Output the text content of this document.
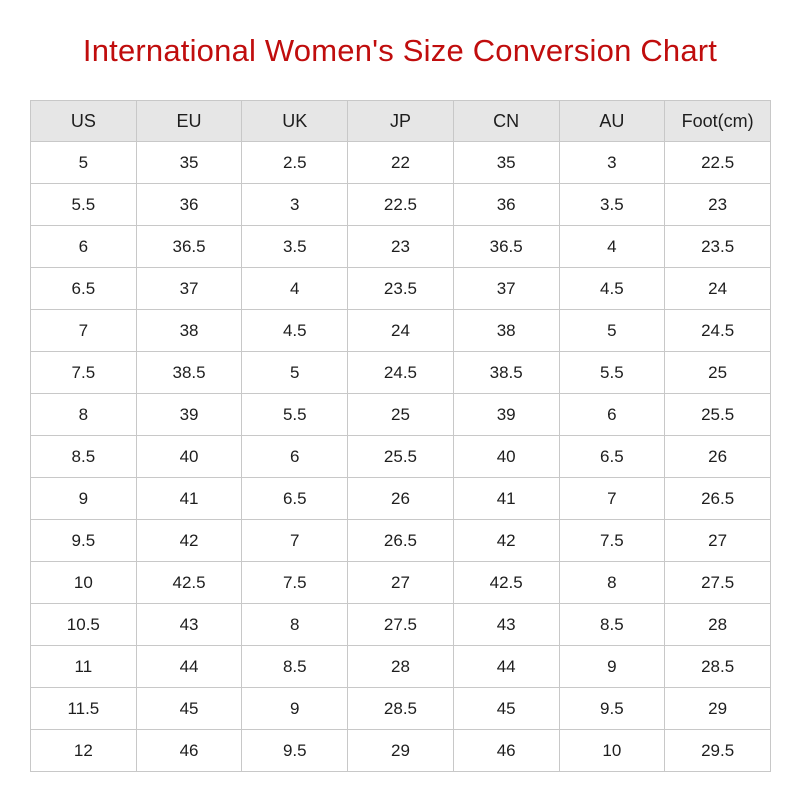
International Women's Size Conversion Chart
US	EU	UK	JP	CN	AU	Foot(cm)
5	35	2.5	22	35	3	22.5
5.5	36	3	22.5	36	3.5	23
6	36.5	3.5	23	36.5	4	23.5
6.5	37	4	23.5	37	4.5	24
7	38	4.5	24	38	5	24.5
7.5	38.5	5	24.5	38.5	5.5	25
8	39	5.5	25	39	6	25.5
8.5	40	6	25.5	40	6.5	26
9	41	6.5	26	41	7	26.5
9.5	42	7	26.5	42	7.5	27
10	42.5	7.5	27	42.5	8	27.5
10.5	43	8	27.5	43	8.5	28
11	44	8.5	28	44	9	28.5
11.5	45	9	28.5	45	9.5	29
12	46	9.5	29	46	10	29.5
